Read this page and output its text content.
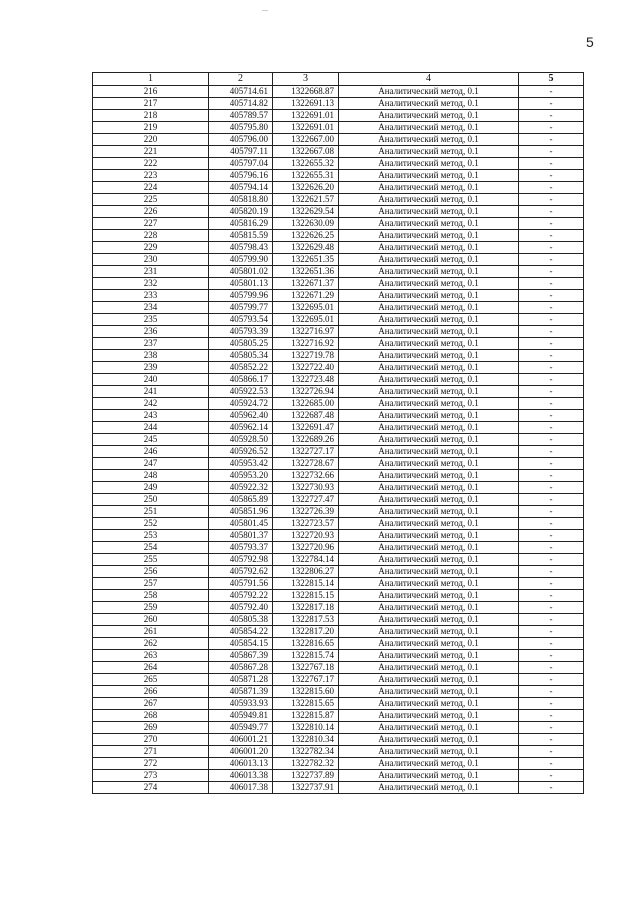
5
1	2	3	4	5
216	405714.61	1322668.87	Аналитический метод, 0.1	-
217	405714.82	1322691.13	Аналитический метод, 0.1	-
218	405789.57	1322691.01	Аналитический метод, 0.1	-
219	405795.80	1322691.01	Аналитический метод, 0.1	-
220	405796.00	1322667.00	Аналитический метод, 0.1	-
221	405797.11	1322667.08	Аналитический метод, 0.1	-
222	405797.04	1322655.32	Аналитический метод, 0.1	-
223	405796.16	1322655.31	Аналитический метод, 0.1	-
224	405794.14	1322626.20	Аналитический метод, 0.1	-
225	405818.80	1322621.57	Аналитический метод, 0.1	-
226	405820.19	1322629.54	Аналитический метод, 0.1	-
227	405816.29	1322630.09	Аналитический метод, 0.1	-
228	405815.59	1322626.25	Аналитический метод, 0.1	-
229	405798.43	1322629.48	Аналитический метод, 0.1	-
230	405799.90	1322651.35	Аналитический метод, 0.1	-
231	405801.02	1322651.36	Аналитический метод, 0.1	-
232	405801.13	1322671.37	Аналитический метод, 0.1	-
233	405799.96	1322671.29	Аналитический метод, 0.1	-
234	405799.77	1322695.01	Аналитический метод, 0.1	-
235	405793.54	1322695.01	Аналитический метод, 0.1	-
236	405793.39	1322716.97	Аналитический метод, 0.1	-
237	405805.25	1322716.92	Аналитический метод, 0.1	-
238	405805.34	1322719.78	Аналитический метод, 0.1	-
239	405852.22	1322722.40	Аналитический метод, 0.1	-
240	405866.17	1322723.48	Аналитический метод, 0.1	-
241	405922.53	1322726.94	Аналитический метод, 0.1	-
242	405924.72	1322685.00	Аналитический метод, 0.1	-
243	405962.40	1322687.48	Аналитический метод, 0.1	-
244	405962.14	1322691.47	Аналитический метод, 0.1	-
245	405928.50	1322689.26	Аналитический метод, 0.1	-
246	405926.52	1322727.17	Аналитический метод, 0.1	-
247	405953.42	1322728.67	Аналитический метод, 0.1	-
248	405953.20	1322732.66	Аналитический метод, 0.1	-
249	405922.32	1322730.93	Аналитический метод, 0.1	-
250	405865.89	1322727.47	Аналитический метод, 0.1	-
251	405851.96	1322726.39	Аналитический метод, 0.1	-
252	405801.45	1322723.57	Аналитический метод, 0.1	-
253	405801.37	1322720.93	Аналитический метод, 0.1	-
254	405793.37	1322720.96	Аналитический метод, 0.1	-
255	405792.98	1322784.14	Аналитический метод, 0.1	-
256	405792.62	1322806.27	Аналитический метод, 0.1	-
257	405791.56	1322815.14	Аналитический метод, 0.1	-
258	405792.22	1322815.15	Аналитический метод, 0.1	-
259	405792.40	1322817.18	Аналитический метод, 0.1	-
260	405805.38	1322817.53	Аналитический метод, 0.1	-
261	405854.22	1322817.20	Аналитический метод, 0.1	-
262	405854.15	1322816.65	Аналитический метод, 0.1	-
263	405867.39	1322815.74	Аналитический метод, 0.1	-
264	405867.28	1322767.18	Аналитический метод, 0.1	-
265	405871.28	1322767.17	Аналитический метод, 0.1	-
266	405871.39	1322815.60	Аналитический метод, 0.1	-
267	405933.93	1322815.65	Аналитический метод, 0.1	-
268	405949.81	1322815.87	Аналитический метод, 0.1	-
269	405949.77	1322810.14	Аналитический метод, 0.1	-
270	406001.21	1322810.34	Аналитический метод, 0.1	-
271	406001.20	1322782.34	Аналитический метод, 0.1	-
272	406013.13	1322782.32	Аналитический метод, 0.1	-
273	406013.38	1322737.89	Аналитический метод, 0.1	-
274	406017.38	1322737.91	Аналитический метод, 0.1	-
